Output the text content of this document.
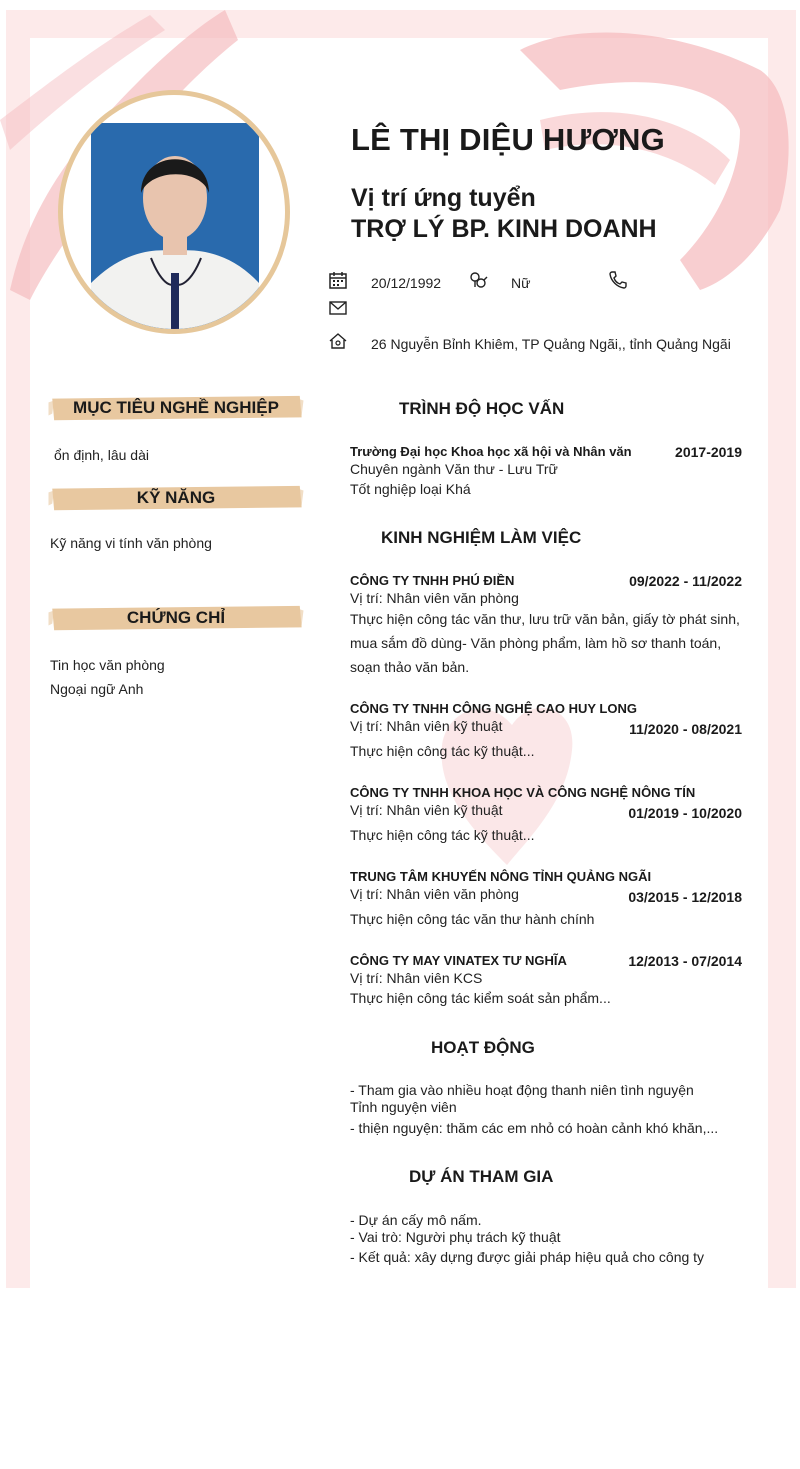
LÊ THỊ DIỆU HƯƠNG
Vị trí ứng tuyển
TRỢ LÝ BP. KINH DOANH
20/12/1992	Nữ
26 Nguyễn Bỉnh Khiêm, TP Quảng Ngãi,, tỉnh Quảng Ngãi
MỤC TIÊU NGHỀ NGHIỆP
ổn định, lâu dài
KỸ NĂNG
Kỹ năng vi tính văn phòng
CHỨNG CHỈ
Tin học văn phòng
Ngoại ngữ Anh
TRÌNH ĐỘ HỌC VẤN
Trường Đại học Khoa học xã hội và Nhân văn	2017-2019
Chuyên ngành Văn thư - Lưu Trữ
Tốt nghiệp loại Khá
KINH NGHIỆM LÀM VIỆC
CÔNG TY TNHH PHÚ ĐIỀN	09/2022 - 11/2022
Vị trí: Nhân viên văn phòng
Thực hiện công tác văn thư, lưu trữ văn bản, giấy tờ phát sinh,
mua sắm đồ dùng- Văn phòng phẩm, làm hồ sơ thanh toán,
soạn thảo văn bản.
CÔNG TY TNHH CÔNG NGHỆ CAO HUY LONG
Vị trí: Nhân viên kỹ thuật	11/2020 - 08/2021
Thực hiện công tác kỹ thuật...
CÔNG TY TNHH KHOA HỌC VÀ CÔNG NGHỆ NÔNG TÍN
Vị trí: Nhân viên kỹ thuật	01/2019 - 10/2020
Thực hiện công tác kỹ thuật...
TRUNG TÂM KHUYẾN NÔNG TỈNH QUẢNG NGÃI
Vị trí: Nhân viên văn phòng	03/2015 - 12/2018
Thực hiện công tác văn thư hành chính
CÔNG TY MAY VINATEX TƯ NGHĨA	12/2013 - 07/2014
Vị trí: Nhân viên KCS
Thực hiện công tác kiểm soát sản phẩm...
HOẠT ĐỘNG
- Tham gia vào nhiều hoạt động thanh niên tình nguyện
Tỉnh nguyện viên
- thiện nguyện: thăm các em nhỏ có hoàn cảnh khó khăn,...
DỰ ÁN THAM GIA
- Dự án cấy mô nấm.
- Vai trò: Người phụ trách kỹ thuật
- Kết quả: xây dựng được giải pháp hiệu quả cho công ty
